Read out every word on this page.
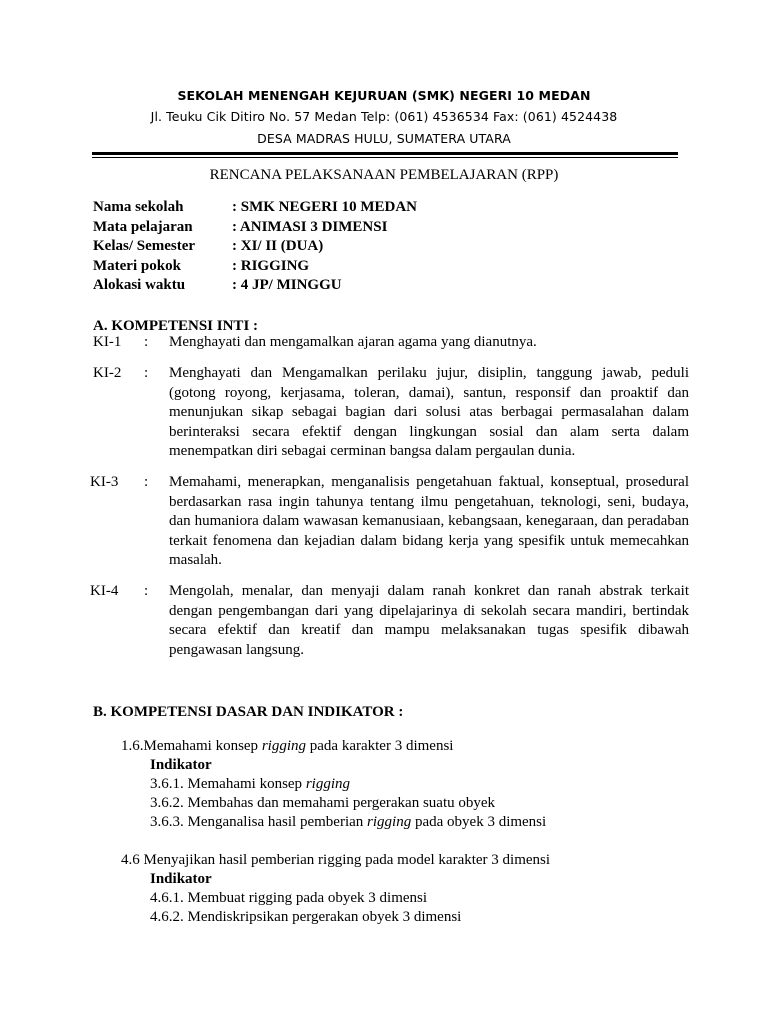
SEKOLAH MENENGAH KEJURUAN (SMK) NEGERI 10 MEDAN
Jl. Teuku Cik Ditiro No. 57 Medan Telp: (061) 4536534 Fax: (061) 4524438
DESA MADRAS HULU, SUMATERA UTARA
RENCANA PELAKSANAAN PEMBELAJARAN (RPP)
Nama sekolah	: SMK NEGERI 10 MEDAN
Mata pelajaran	: ANIMASI 3 DIMENSI
Kelas/ Semester : XI/ II (DUA)
Materi pokok	: RIGGING
Alokasi waktu	: 4 JP/ MINGGU
A. KOMPETENSI INTI :
KI-1 : Menghayati dan mengamalkan ajaran agama yang dianutnya.
KI-2 : Menghayati dan Mengamalkan perilaku jujur, disiplin, tanggung jawab, peduli (gotong royong, kerjasama, toleran, damai), santun, responsif dan proaktif dan menunjukan sikap sebagai bagian dari solusi atas berbagai permasalahan dalam berinteraksi secara efektif dengan lingkungan sosial dan alam serta dalam menempatkan diri sebagai cerminan bangsa dalam pergaulan dunia.
KI-3 : Memahami, menerapkan, menganalisis pengetahuan faktual, konseptual, prosedural berdasarkan rasa ingin tahunya tentang ilmu pengetahuan, teknologi, seni, budaya, dan humaniora dalam wawasan kemanusiaan, kebangsaan, kenegaraan, dan peradaban terkait fenomena dan kejadian dalam bidang kerja yang spesifik untuk memecahkan masalah.
KI-4 : Mengolah, menalar, dan menyaji dalam ranah konkret dan ranah abstrak terkait dengan pengembangan dari yang dipelajarinya di sekolah secara mandiri, bertindak secara efektif dan kreatif dan mampu melaksanakan tugas spesifik dibawah pengawasan langsung.
B. KOMPETENSI DASAR DAN INDIKATOR :
1.6.Memahami konsep rigging pada karakter 3 dimensi
Indikator
3.6.1. Memahami konsep rigging
3.6.2. Membahas dan memahami pergerakan suatu obyek
3.6.3. Menganalisa hasil pemberian rigging pada obyek 3 dimensi
4.6 Menyajikan hasil pemberian rigging pada model karakter 3 dimensi
Indikator
4.6.1. Membuat rigging pada obyek 3 dimensi
4.6.2. Mendiskripsikan pergerakan obyek 3 dimensi
